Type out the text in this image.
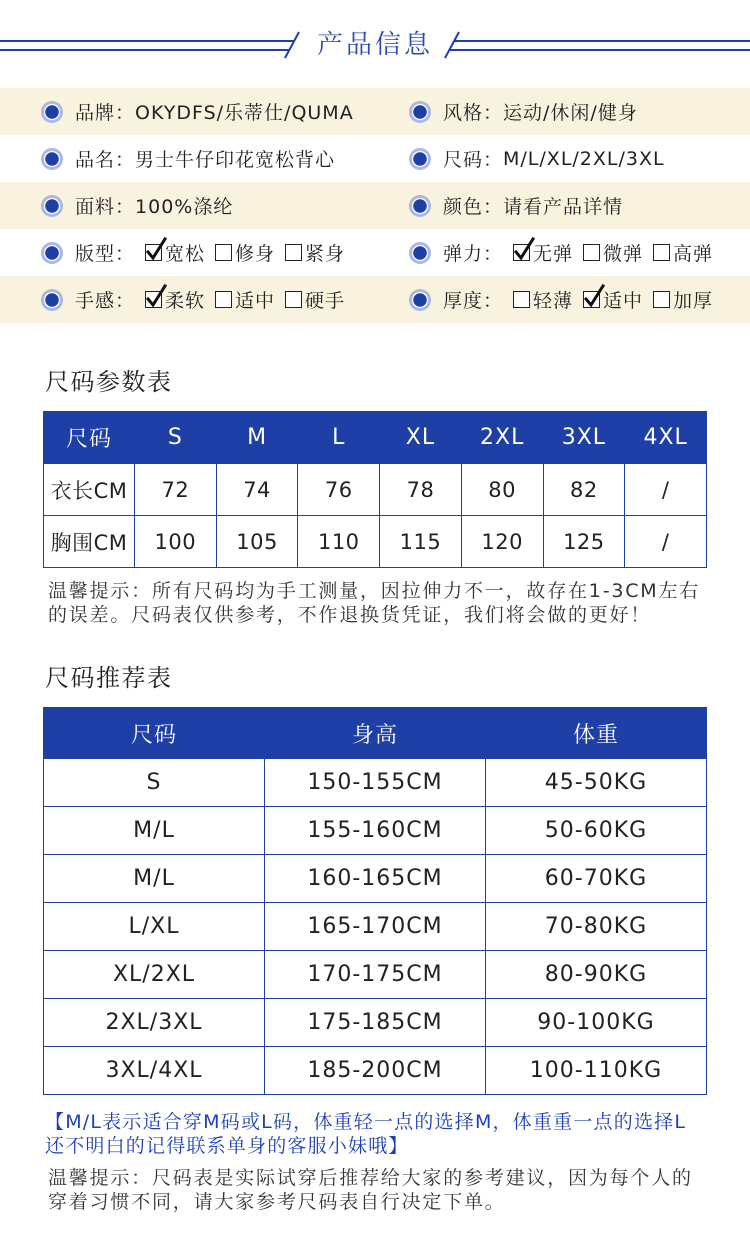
产品信息
品牌： OKYDFS/乐蒂仕/QUMA	风格： 运动/休闲/健身
品名： 男士牛仔印花宽松背心	尺码： M/L/XL/2XL/3XL
面料： 100%涤纶	颜色： 请看产品详情
版型： 宽松 修身 紧身	弹力： 无弹 微弹 高弹
手感： 柔软 适中 硬手	厚度： 轻薄 适中 加厚
尺码参数表
尺码	S	M	L	XL	2XL	3XL	4XL
衣长CM	72	74	76	78	80	82	/
胸围CM	100	105	110	115	120	125	/
温馨提示：所有尺码均为手工测量，因拉伸力不一，故存在1-3CM左右
的误差。尺码表仅供参考，不作退换货凭证，我们将会做的更好！
尺码推荐表
尺码	身高	体重
S	150-155CM	45-50KG
M/L	155-160CM	50-60KG
M/L	160-165CM	60-70KG
L/XL	165-170CM	70-80KG
XL/2XL	170-175CM	80-90KG
2XL/3XL	175-185CM	90-100KG
3XL/4XL	185-200CM	100-110KG
【M/L表示适合穿M码或L码，体重轻一点的选择M，体重重一点的选择L
还不明白的记得联系单身的客服小妹哦】
温馨提示：尺码表是实际试穿后推荐给大家的参考建议，因为每个人的
穿着习惯不同，请大家参考尺码表自行决定下单。
